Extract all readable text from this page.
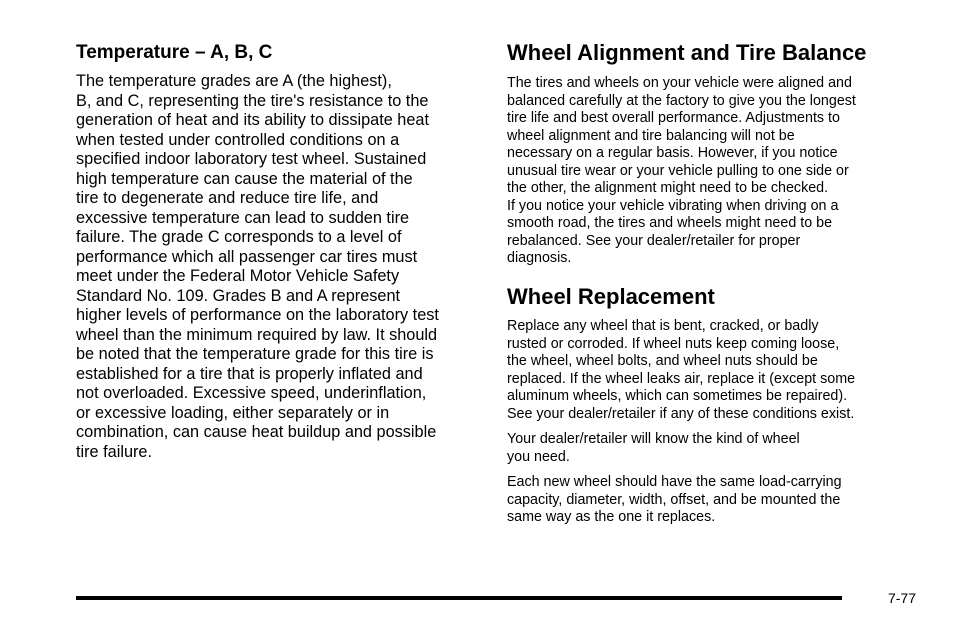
Temperature – A, B, C

The temperature grades are A (the highest),
B, and C, representing the tire's resistance to the
generation of heat and its ability to dissipate heat
when tested under controlled conditions on a
specified indoor laboratory test wheel. Sustained
high temperature can cause the material of the
tire to degenerate and reduce tire life, and
excessive temperature can lead to sudden tire
failure. The grade C corresponds to a level of
performance which all passenger car tires must
meet under the Federal Motor Vehicle Safety
Standard No. 109. Grades B and A represent
higher levels of performance on the laboratory test
wheel than the minimum required by law. It should
be noted that the temperature grade for this tire is
established for a tire that is properly inflated and
not overloaded. Excessive speed, underinflation,
or excessive loading, either separately or in
combination, can cause heat buildup and possible
tire failure.

Wheel Alignment and Tire Balance

The tires and wheels on your vehicle were aligned and
balanced carefully at the factory to give you the longest
tire life and best overall performance. Adjustments to
wheel alignment and tire balancing will not be
necessary on a regular basis. However, if you notice
unusual tire wear or your vehicle pulling to one side or
the other, the alignment might need to be checked.
If you notice your vehicle vibrating when driving on a
smooth road, the tires and wheels might need to be
rebalanced. See your dealer/retailer for proper
diagnosis.

Wheel Replacement

Replace any wheel that is bent, cracked, or badly
rusted or corroded. If wheel nuts keep coming loose,
the wheel, wheel bolts, and wheel nuts should be
replaced. If the wheel leaks air, replace it (except some
aluminum wheels, which can sometimes be repaired).
See your dealer/retailer if any of these conditions exist.

Your dealer/retailer will know the kind of wheel
you need.

Each new wheel should have the same load-carrying
capacity, diameter, width, offset, and be mounted the
same way as the one it replaces.

7-77
